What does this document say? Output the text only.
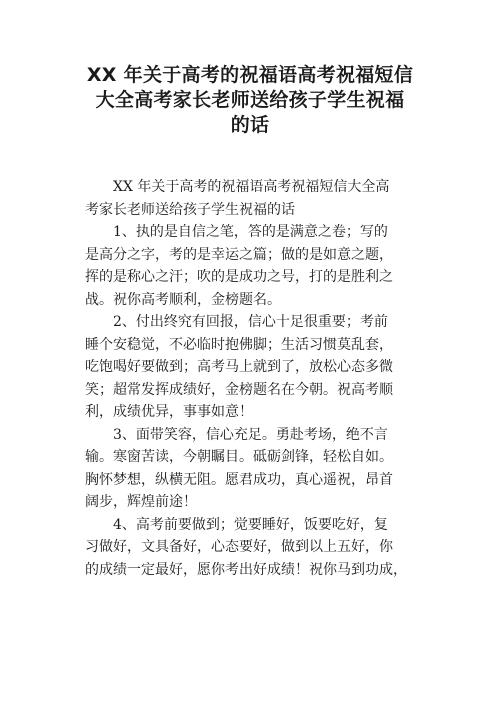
XX 年关于高考的祝福语高考祝福短信
大全高考家长老师送给孩子学生祝福
的话
XX 年关于高考的祝福语高考祝福短信大全高
考家长老师送给孩子学生祝福的话
1、执的是自信之笔，答的是满意之卷；写的
是高分之字，考的是幸运之篇；做的是如意之题，
挥的是称心之汗；吹的是成功之号，打的是胜利之
战。祝你高考顺利，金榜题名。
2、付出终究有回报，信心十足很重要；考前
睡个安稳觉，不必临时抱佛脚；生活习惯莫乱套，
吃饱喝好要做到；高考马上就到了，放松心态多微
笑；超常发挥成绩好，金榜题名在今朝。祝高考顺
利，成绩优异，事事如意！
3、面带笑容，信心充足。勇赴考场，绝不言
输。寒窗苦读，今朝瞩目。砥砺剑锋，轻松自如。
胸怀梦想，纵横无阻。愿君成功，真心遥祝，昂首
阔步，辉煌前途！
4、高考前要做到；觉要睡好，饭要吃好，复
习做好，文具备好，心态要好，做到以上五好，你
的成绩一定最好，愿你考出好成绩！祝你马到功成，
